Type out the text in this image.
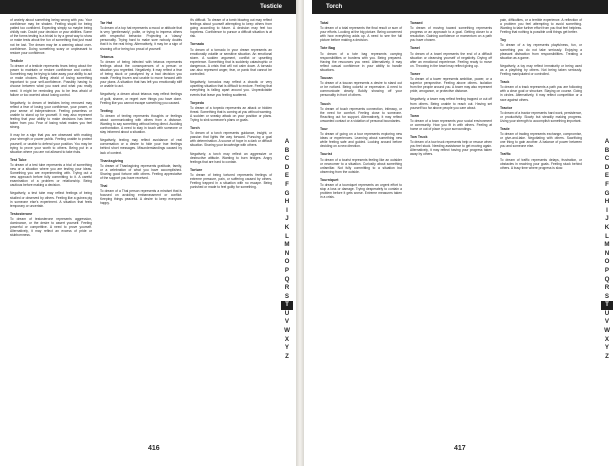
Testicle

of anxiety about something being wrong with you. Your confidence may be shaken. Feeling stupid for being patted too confident. Expecting simply so maybe being childly vain. Doubt your decision or your abilities. Some of the forms testing is a trivial to try a great way to show or make tests about the fun of something that just must not be lost. The dream may be a warning about over-confidence. Doing something scary or unpleasant to restore your confidence.

Testicle
To dream of a testicle represents fears being about the power to maintain or restore confidence and control. Something may be trying to take away your ability to act or make choices. Being afraid of losing something important to your self-confidence. Possibly having to choose between what you want and what you really need. It might be reminding you to be less afraid of failure or too worried about losing control.

Negatively, to dream of testicles being removed may reflect a fear of losing your confidence, your power, or your sense of independence. Feeling powerless or unable to stand up for yourself. It may also represent feeling that your ability to make decisions has been taken from you. Fear of losing what makes you feel strong.

It may be a sign that you are obsessed with making your strength or power public. Feeling unable to protect yourself, or unable to defend your position. You may be trying to prove your worth to others. Being put in a situation where you are not allowed to take risks.

Test Tube
To dream of a test tube represents a trial of something new or a situation where you are testing your ideas. Something you are experimenting with. Trying out a new approach before fully committing to it. A careful examination of a problem or relationship. Being cautious before making a decision.

Negatively, a test tube may reflect feelings of being studied or observed by others. Feeling like a guinea pig in someone else's experiment. A situation that feels temporary or uncertain.

Testosterone
To dream of testosterone represents aggression, dominance, or the desire to assert yourself. Feeling powerful or competitive. A need to prove yourself. Alternatively, it may reflect an excess of pride or stubbornness.

Tar Hat
To dream of a top hat represents a mood or attitude that is very 'gentlemanly', polite, or trying to impress others with respectful behavior. Projecting a 'classy' personality. Trying hard to make sure nobody doubts that it is the real thing. Alternatively, it may be a sign of showing off or being too proud of yourself.

Tetanus
To dream of being infected with tetanus represents feelings about the consequences of a person or situation you regretted. Negatively, it may reflect a fear of being stuck or paralyzed by a bad decision you made. Feeling frozen and unable to move forward with your plans. A situation that has left you emotionally stiff or unable to act.

Negatively, a dream about tetanus may reflect feelings of guilt, shame, or regret over things you have done. Feeling like you cannot escape something you caused.

Texting
To dream of texting represents thoughts or feelings about communicating with others from a distance. Wanting to say something without being direct. Avoiding confrontation. A need to stay in touch with someone or stay informed about a situation.

Negatively, texting may reflect avoidance of real conversation or a desire to hide your true feelings behind short messages. Misunderstandings caused by lack of context.

Thanksgiving
To dream of Thanksgiving represents gratitude, family, or a celebration of what you have accomplished. Sharing good fortune with others. Feeling appreciative of the support you have received.

Thai
To dream of a Thai person represents a mindset that is focused on avoiding embarrassment or conflict. Keeping things peaceful. A desire to keep everyone happy.

it's difficult. To dream of a tomb blowing out may reflect feelings about yourself attempting to keep others from going according to future. A decision may feel too hopeless. Confidence to pursue a difficult situation is at risk.

Tornado
To dream of a tornado in your dream represents an emotionally volatile or sensitive situation. An emotional storm. A sudden argument, conflict or upsetting experience. Something that is suddenly catastrophic or dangerous. A crisis that will not calm down. A tornado can also represent anger, fear, or panic that cannot be controlled.

Negatively, tornados may reflect a chaotic or very upsetting situation that is difficult to endure. Feeling that everything is falling apart around you. Unpredictable events that leave you feeling scattered.

Torpedo
To dream of a torpedo represents an attack or hidden threat. Something that is coming at you without warning. A sudden or sneaky attack on your position or plans. Trying to sink someone's plans or goals.

Torch
To dream of a torch represents guidance, insight, or passion that lights the way forward. Pursuing a goal with determination. A source of hope in a dark or difficult situation. Sharing your knowledge with others.

Negatively, a torch may reflect an aggressive or destructive attitude. Wanting to burn bridges. Angry feelings that are hard to contain.

Torture
To dream of being tortured represents feelings of extreme pressure, pain, or suffering caused by others. Feeling trapped in a situation with no escape. Being punished or made to feel guilty for something.

A
B
C
D
E
F
G
H
I
J
K
L
M
N
O
P
Q
R
S
T
U
V
W
X
Y
Z
416
Torch

Total
To dream of a total represents the final result or sum of your efforts. Looking at the big picture. Being concerned with how everything adds up. A need to see the full picture before making a decision.

Tote Bag
To dream of a tote bag represents carrying responsibilities or burdens with you. Being prepared. Having the resources you need. Alternatively, it may reflect casual confidence in your ability to handle situations.

Toucan
To dream of a toucan represents a desire to stand out or be noticed. Being colorful or expressive. A need to communicate clearly. Boldly showing off your personality in front of others.

Touch
To dream of touch represents connection, intimacy, or the need for comfort. Feeling close to someone. Reaching out for support. Alternatively, it may reflect unwanted contact or a violation of personal boundaries.

Tour
To dream of going on a tour represents exploring new ideas or experiences. Learning about something new while feeling safe and guided. Looking around before deciding on a new direction.

Tourist
To dream of a tourist represents feeling like an outsider or newcomer to a situation. Curiosity about something unfamiliar. Not fully committing to a situation but observing from the outside.

Tourniquet
To dream of a tourniquet represents an urgent effort to stop a loss or damage. Trying desperately to contain a problem before it gets worse. Extreme measures taken in a crisis.

Toward
To dream of moving toward something represents progress or an approach to a goal. Getting closer to a resolution. Gaining confidence or momentum on a path you have chosen.

Towel
To dream of a towel represents the end of a difficult situation or cleansing yourself of negativity. Drying off after an emotional experience. Feeling ready to move on. Throwing in the towel may reflect giving up.

Tower
To dream of a tower represents ambition, power, or a superior perspective. Feeling above others. Isolation from the people around you. A tower may also represent pride, arrogance, or protective distance.

Negatively, a tower may reflect feeling trapped or cut off from others. Being unable to reach out. Having set yourself too far above people you care about.

Town
To dream of a town represents your social environment or community. How you fit in with others. Feeling at home or out of place in your surroundings.

Tow Truck
To dream of a tow truck represents help or rescue when you feel stuck. Needing assistance to get moving again. Alternatively, it may reflect having your progress taken away by others.

pain, difficulties, or a terrible experience. A reflection of a problem you feel attempting to avoid something. Wanting to take further effort from you that feel helpless. Feeling that nothing is possible until things get better.

Toy
To dream of a toy represents playfulness, fun, or something you do not take seriously. Enjoying a pleasant distraction from responsibilities. Treating a situation as a game.

Negatively, a toy may reflect immaturity or being used as a plaything by others. Not being taken seriously. Feeling manipulated or controlled.

Track
To dream of a track represents a path you are following with a clear goal or structure. Staying on course. Going in circles. Alternatively, it may reflect competition or a race against others.

Tractor
To dream of a tractor represents hard work, persistence, or productivity. Slowly but steadily making progress. Using your strength to accomplish something important.

Trade
To dream of trading represents exchange, compromise, or give-and-take. Negotiating with others. Sacrificing one thing to gain another. A balance of power between you and someone else.

Traffic
To dream of traffic represents delays, frustration, or obstacles in reaching your goals. Feeling stuck behind others. A busy time where progress is slow.

A
B
C
D
E
F
G
H
I
J
K
L
M
N
O
P
Q
R
S
T
U
V
W
X
Y
Z
417
